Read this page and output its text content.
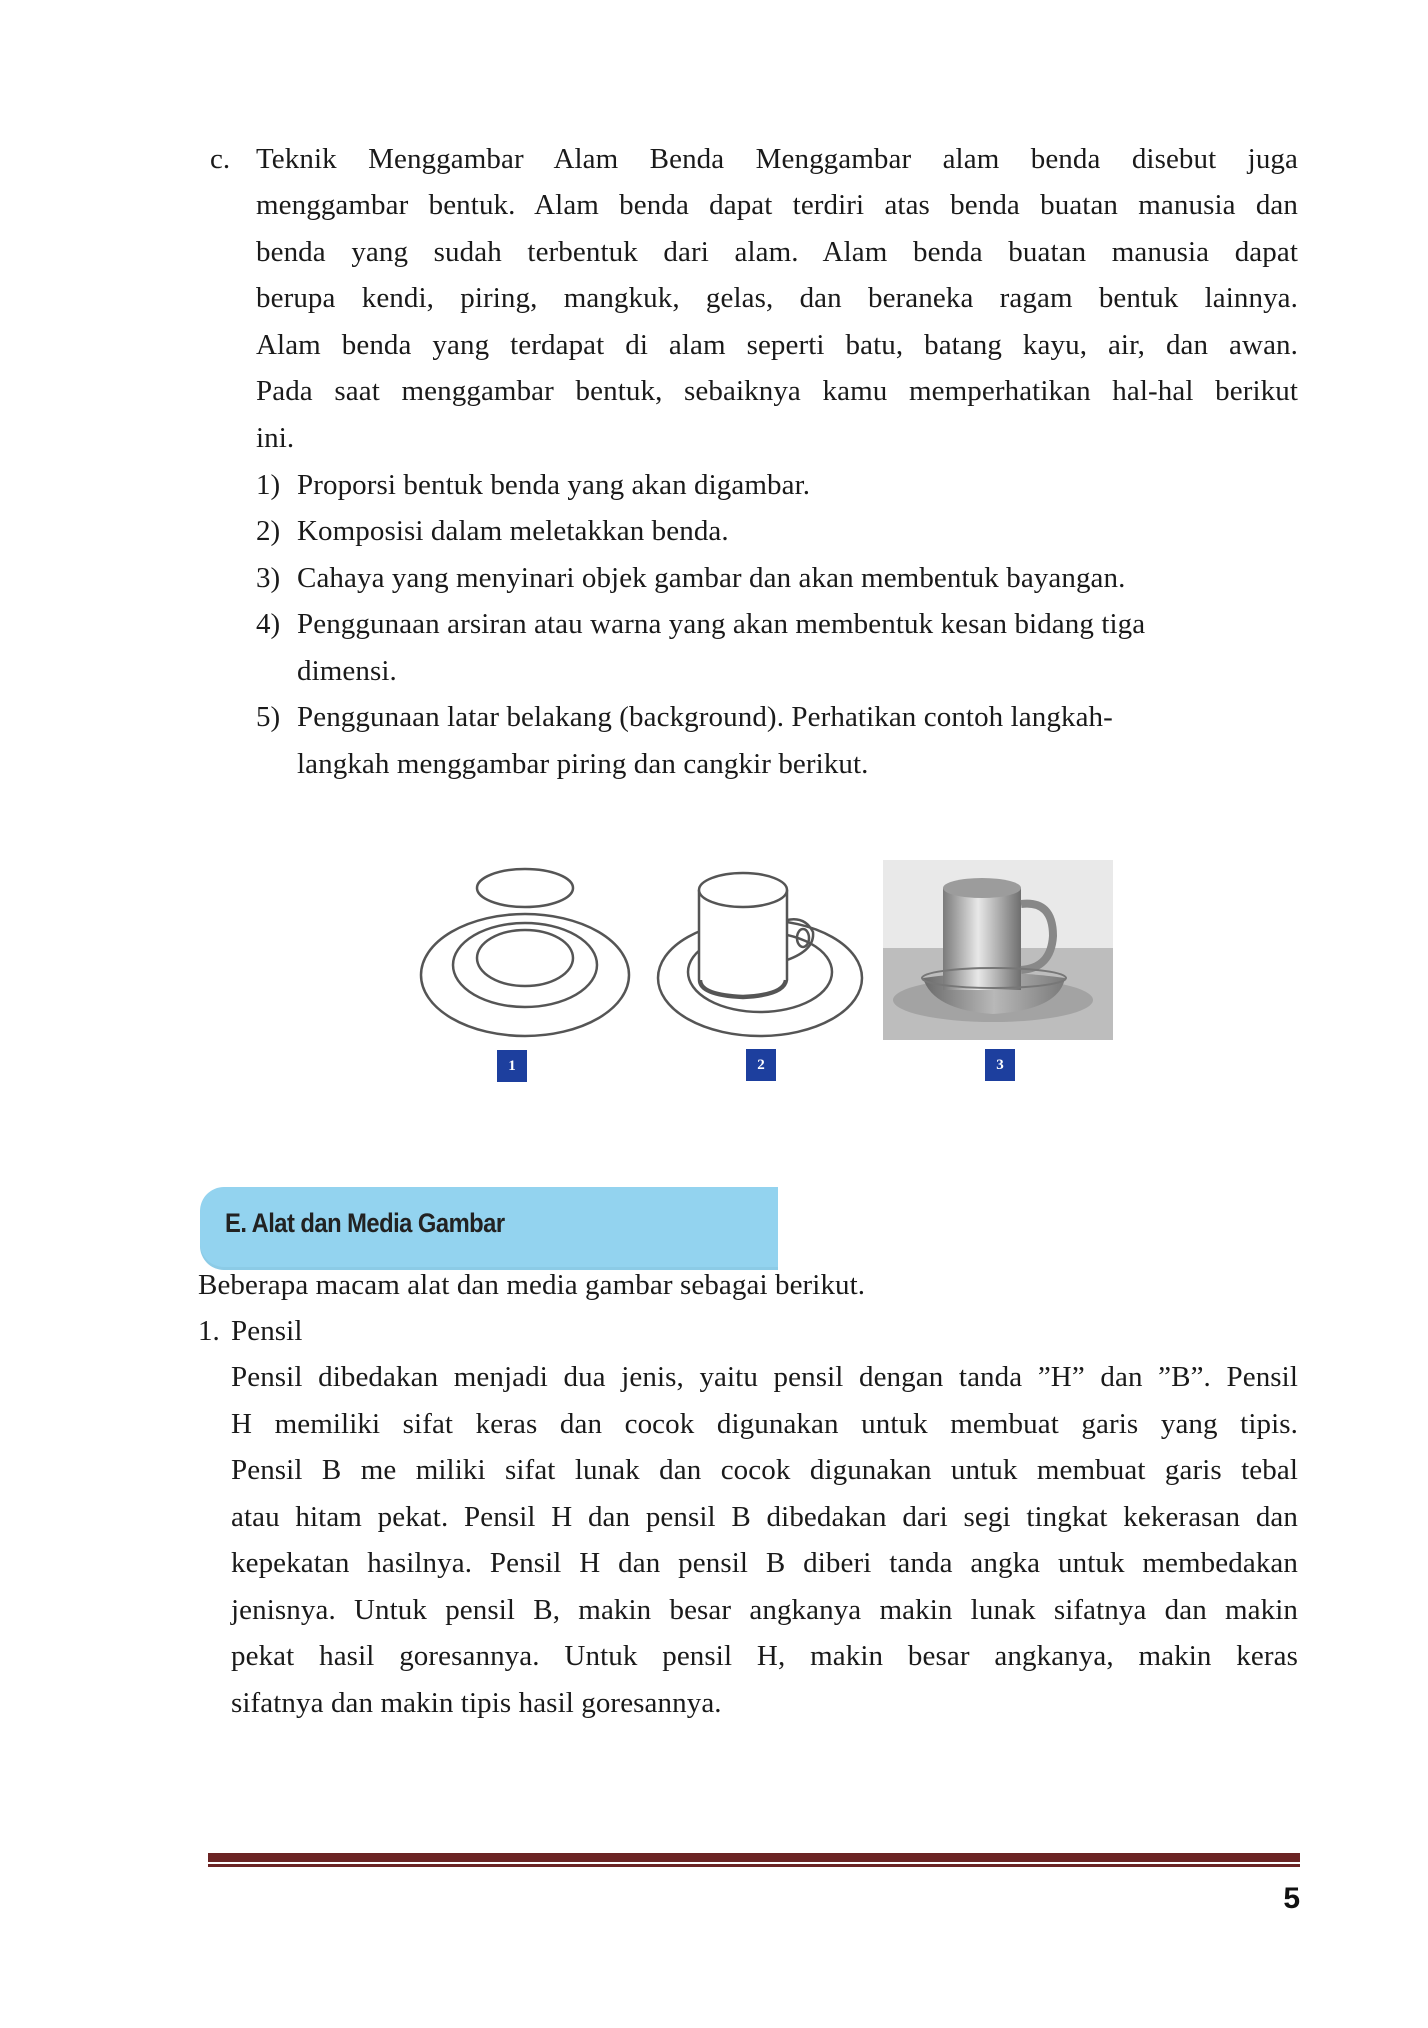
c. Teknik Menggambar Alam Benda Menggambar alam benda disebut juga
menggambar bentuk. Alam benda dapat terdiri atas benda buatan manusia dan
benda yang sudah terbentuk dari alam. Alam benda buatan manusia dapat
berupa kendi, piring, mangkuk, gelas, dan beraneka ragam bentuk lainnya.
Alam benda yang terdapat di alam seperti batu, batang kayu, air, dan awan.
Pada saat menggambar bentuk, sebaiknya kamu memperhatikan hal-hal berikut
ini.
1) Proporsi bentuk benda yang akan digambar.
2) Komposisi dalam meletakkan benda.
3) Cahaya yang menyinari objek gambar dan akan membentuk bayangan.
4) Penggunaan arsiran atau warna yang akan membentuk kesan bidang tiga
dimensi.
5) Penggunaan latar belakang (background). Perhatikan contoh langkah-
langkah menggambar piring dan cangkir berikut.
1	2	3
E. Alat dan Media Gambar
Beberapa macam alat dan media gambar sebagai berikut.
1. Pensil
Pensil dibedakan menjadi dua jenis, yaitu pensil dengan tanda ”H” dan ”B”. Pensil
H memiliki sifat keras dan cocok digunakan untuk membuat garis yang tipis.
Pensil B me miliki sifat lunak dan cocok digunakan untuk membuat garis tebal
atau hitam pekat. Pensil H dan pensil B dibedakan dari segi tingkat kekerasan dan
kepekatan hasilnya. Pensil H dan pensil B diberi tanda angka untuk membedakan
jenisnya. Untuk pensil B, makin besar angkanya makin lunak sifatnya dan makin
pekat hasil goresannya. Untuk pensil H, makin besar angkanya, makin keras
sifatnya dan makin tipis hasil goresannya.
5
